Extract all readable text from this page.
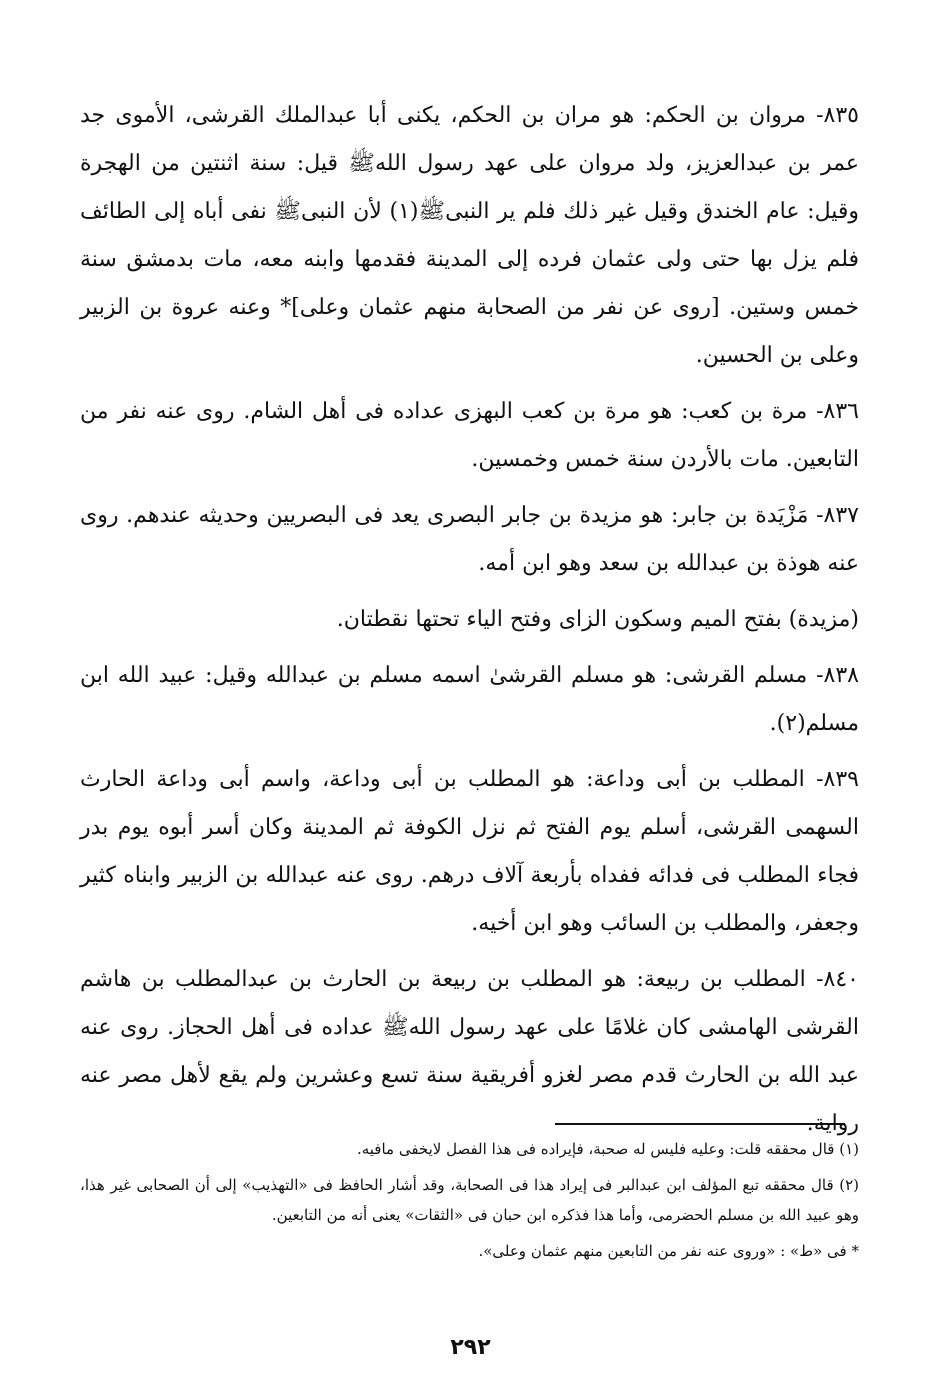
٨٣٥- مروان بن الحكم: هو مران بن الحكم، يكنى أبا عبدالملك القرشى، الأموى جد عمر بن عبدالعزيز، ولد مروان على عهد رسول اللهﷺ قيل: سنة اثنتين من الهجرة وقيل: عام الخندق وقيل غير ذلك فلم ير النبىﷺ(١) لأن النبىﷺ نفى أباه إلى الطائف فلم يزل بها حتى ولى عثمان فرده إلى المدينة فقدمها وابنه معه، مات بدمشق سنة خمس وستين. [روى عن نفر من الصحابة منهم عثمان وعلى]* وعنه عروة بن الزبير وعلى بن الحسين.

٨٣٦- مرة بن كعب: هو مرة بن كعب البهزى عداده فى أهل الشام. روى عنه نفر من التابعين. مات بالأردن سنة خمس وخمسين.

٨٣٧- مَزْيَدة بن جابر: هو مزيدة بن جابر البصرى يعد فى البصريين وحديثه عندهم. روى عنه هوذة بن عبدالله بن سعد وهو ابن أمه.

(مزيدة) بفتح الميم وسكون الزاى وفتح الياء تحتها نقطتان.

٨٣٨- مسلم القرشى: هو مسلم القرشىٰ اسمه مسلم بن عبدالله وقيل: عبيد الله ابن مسلم(٢).

٨٣٩- المطلب بن أبى وداعة: هو المطلب بن أبى وداعة، واسم أبى وداعة الحارث السهمى القرشى، أسلم يوم الفتح ثم نزل الكوفة ثم المدينة وكان أسر أبوه يوم بدر فجاء المطلب فى فدائه ففداه بأربعة آلاف درهم. روى عنه عبدالله بن الزبير وابناه كثير وجعفر، والمطلب بن السائب وهو ابن أخيه.

٨٤٠- المطلب بن ربيعة: هو المطلب بن ربيعة بن الحارث بن عبدالمطلب بن هاشم القرشى الهامشى كان غلامًا على عهد رسول اللهﷺ عداده فى أهل الحجاز. روى عنه عبد الله بن الحارث قدم مصر لغزو أفريقية سنة تسع وعشرين ولم يقع لأهل مصر عنه رواية.

(١) قال محققه قلت: وعليه فليس له صحبة، فإيراده فى هذا الفصل لايخفى مافيه.

(٢) قال محققه تبع المؤلف ابن عبدالبر فى إيراد هذا فى الصحابة، وقد أشار الحافظ فى «التهذيب» إلى أن الصحابى غير هذا، وهو عبيد الله بن مسلم الحضرمى، وأما هذا فذكره ابن حبان فى «الثقات» يعنى أنه من التابعين.

* فى «ط» : «وروى عنه نفر من التابعين منهم عثمان وعلى».

٢٩٢
